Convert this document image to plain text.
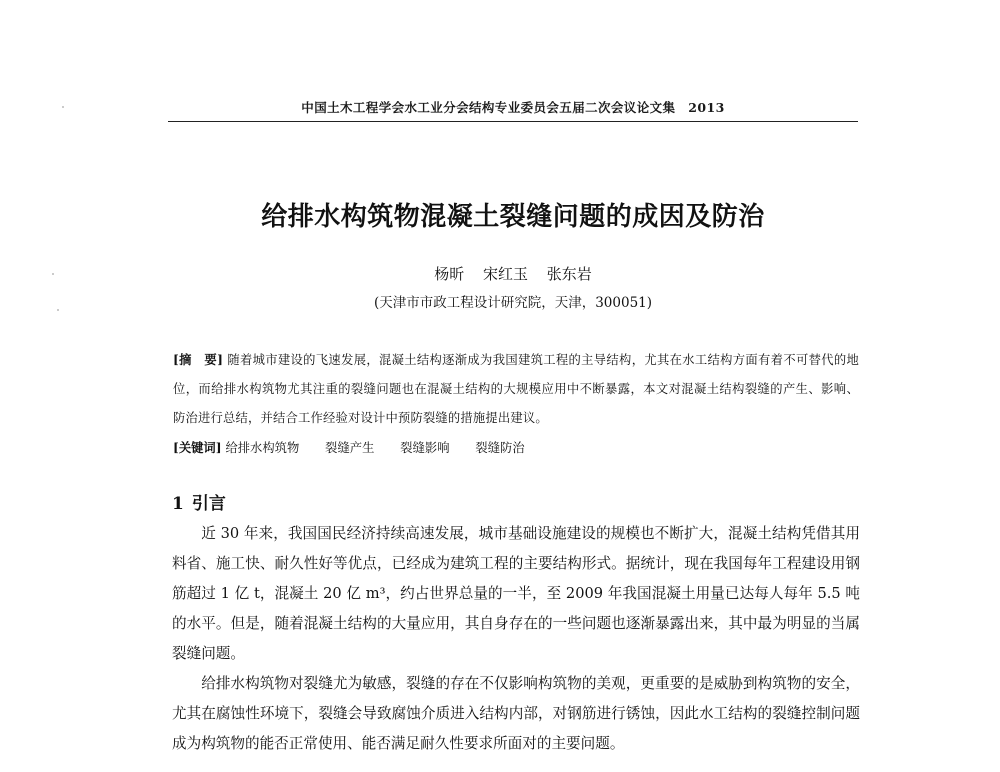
中国土木工程学会水工业分会结构专业委员会五届二次会议论文集　2013
给排水构筑物混凝土裂缝问题的成因及防治
杨昕 宋红玉 张东岩
(天津市市政工程设计研究院，天津，300051)
[摘　要] 随着城市建设的飞速发展，混凝土结构逐渐成为我国建筑工程的主导结构，尤其在水工结构方面有着不可替代的地位，而给排水构筑物尤其注重的裂缝问题也在混凝土结构的大规模应用中不断暴露，本文对混凝土结构裂缝的产生、影响、防治进行总结，并结合工作经验对设计中预防裂缝的措施提出建议。
[关键词] 给排水构筑物 裂缝产生 裂缝影响 裂缝防治
1 引言

近 30 年来，我国国民经济持续高速发展，城市基础设施建设的规模也不断扩大，混凝土结构凭借其用料省、施工快、耐久性好等优点，已经成为建筑工程的主要结构形式。据统计，现在我国每年工程建设用钢筋超过 1 亿 t，混凝土 20 亿 m³，约占世界总量的一半，至 2009 年我国混凝土用量已达每人每年 5.5 吨的水平。但是，随着混凝土结构的大量应用，其自身存在的一些问题也逐渐暴露出来，其中最为明显的当属裂缝问题。

给排水构筑物对裂缝尤为敏感，裂缝的存在不仅影响构筑物的美观，更重要的是威胁到构筑物的安全，尤其在腐蚀性环境下，裂缝会导致腐蚀介质进入结构内部，对钢筋进行锈蚀，因此水工结构的裂缝控制问题成为构筑物的能否正常使用、能否满足耐久性要求所面对的主要问题。
